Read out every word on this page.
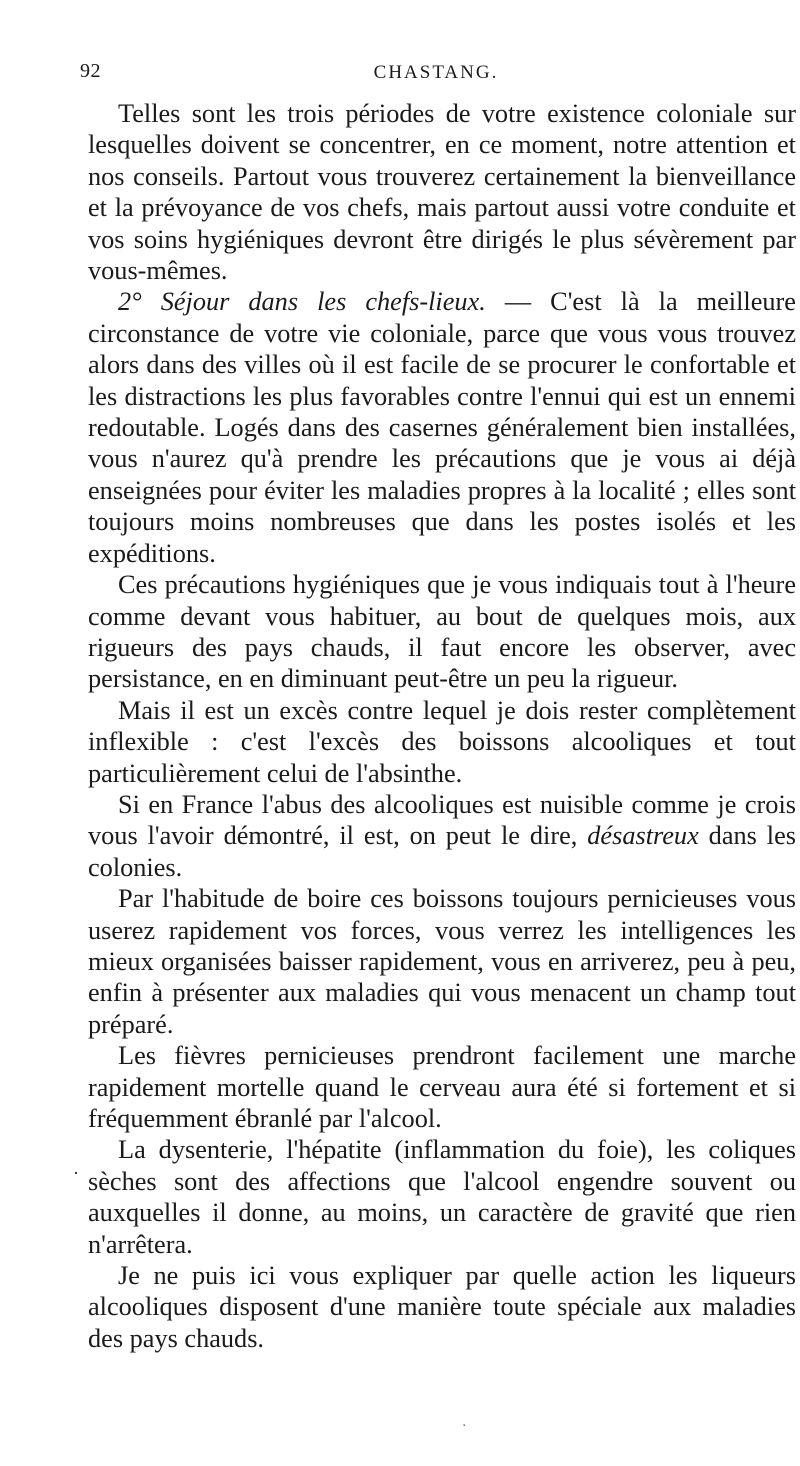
92	CHASTANG.

Telles sont les trois périodes de votre existence coloniale sur lesquelles doivent se concentrer, en ce moment, notre attention et nos conseils. Partout vous trouverez certainement la bienveillance et la prévoyance de vos chefs, mais partout aussi votre conduite et vos soins hygiéniques devront être dirigés le plus sévèrement par vous-mêmes.

2° Séjour dans les chefs-lieux. — C'est là la meilleure circonstance de votre vie coloniale, parce que vous vous trouvez alors dans des villes où il est facile de se procurer le confortable et les distractions les plus favorables contre l'ennui qui est un ennemi redoutable. Logés dans des casernes généralement bien installées, vous n'aurez qu'à prendre les précautions que je vous ai déjà enseignées pour éviter les maladies propres à la localité ; elles sont toujours moins nombreuses que dans les postes isolés et les expéditions.

Ces précautions hygiéniques que je vous indiquais tout à l'heure comme devant vous habituer, au bout de quelques mois, aux rigueurs des pays chauds, il faut encore les observer, avec persistance, en en diminuant peut-être un peu la rigueur.

Mais il est un excès contre lequel je dois rester complètement inflexible : c'est l'excès des boissons alcooliques et tout particulièrement celui de l'absinthe.

Si en France l'abus des alcooliques est nuisible comme je crois vous l'avoir démontré, il est, on peut le dire, désastreux dans les colonies.

Par l'habitude de boire ces boissons toujours pernicieuses vous userez rapidement vos forces, vous verrez les intelligences les mieux organisées baisser rapidement, vous en arriverez, peu à peu, enfin à présenter aux maladies qui vous menacent un champ tout préparé.

Les fièvres pernicieuses prendront facilement une marche rapidement mortelle quand le cerveau aura été si fortement et si fréquemment ébranlé par l'alcool.

La dysenterie, l'hépatite (inflammation du foie), les coliques sèches sont des affections que l'alcool engendre souvent ou auxquelles il donne, au moins, un caractère de gravité que rien n'arrêtera.

Je ne puis ici vous expliquer par quelle action les liqueurs alcooliques disposent d'une manière toute spéciale aux maladies des pays chauds.

·
·
